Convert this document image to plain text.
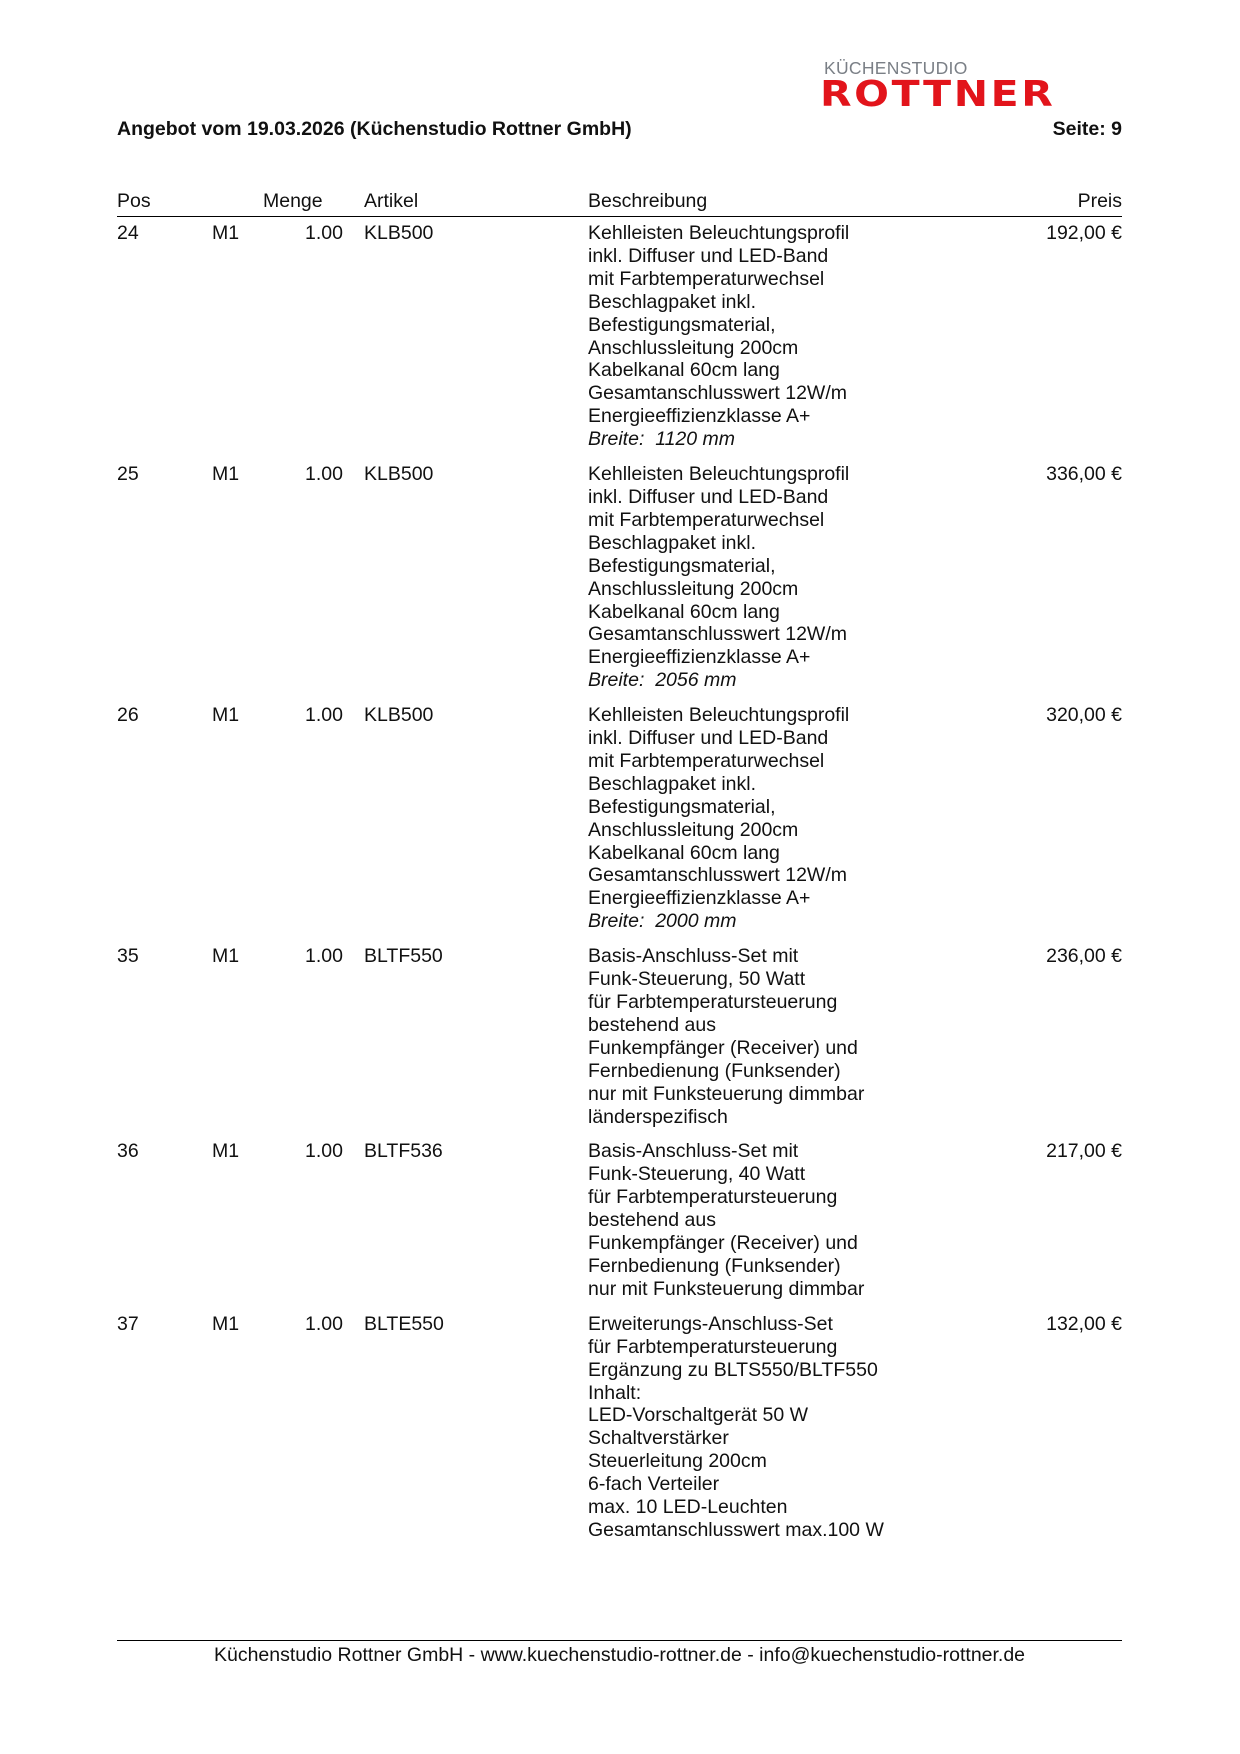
KÜCHENSTUDIO
ROTTNER
Angebot vom 19.03.2026 (Küchenstudio Rottner GmbH)	Seite: 9
Pos	Menge Artikel	Beschreibung	Preis
24	M1	1.00 KLB500	192,00 €
Kehlleisten Beleuchtungsprofil
inkl. Diffuser und LED-Band
mit Farbtemperaturwechsel
Beschlagpaket inkl.
Befestigungsmaterial,
Anschlussleitung 200cm
Kabelkanal 60cm lang
Gesamtanschlusswert 12W/m
Energieeffizienzklasse A+
Breite:  1120 mm
25	M1	1.00 KLB500	336,00 €
Kehlleisten Beleuchtungsprofil
inkl. Diffuser und LED-Band
mit Farbtemperaturwechsel
Beschlagpaket inkl.
Befestigungsmaterial,
Anschlussleitung 200cm
Kabelkanal 60cm lang
Gesamtanschlusswert 12W/m
Energieeffizienzklasse A+
Breite:  2056 mm
26	M1	1.00 KLB500	320,00 €
Kehlleisten Beleuchtungsprofil
inkl. Diffuser und LED-Band
mit Farbtemperaturwechsel
Beschlagpaket inkl.
Befestigungsmaterial,
Anschlussleitung 200cm
Kabelkanal 60cm lang
Gesamtanschlusswert 12W/m
Energieeffizienzklasse A+
Breite:  2000 mm
35	M1	1.00 BLTF550	236,00 €
Basis-Anschluss-Set mit
Funk-Steuerung, 50 Watt
für Farbtemperatursteuerung
bestehend aus
Funkempfänger (Receiver) und
Fernbedienung (Funksender)
nur mit Funksteuerung dimmbar
länderspezifisch
36	M1	1.00 BLTF536	217,00 €
Basis-Anschluss-Set mit
Funk-Steuerung, 40 Watt
für Farbtemperatursteuerung
bestehend aus
Funkempfänger (Receiver) und
Fernbedienung (Funksender)
nur mit Funksteuerung dimmbar
37	M1	1.00 BLTE550	132,00 €
Erweiterungs-Anschluss-Set
für Farbtemperatursteuerung
Ergänzung zu BLTS550/BLTF550
Inhalt:
LED-Vorschaltgerät 50 W
Schaltverstärker
Steuerleitung 200cm
6-fach Verteiler
max. 10 LED-Leuchten
Gesamtanschlusswert max.100 W
Küchenstudio Rottner GmbH - www.kuechenstudio-rottner.de - info@kuechenstudio-rottner.de
